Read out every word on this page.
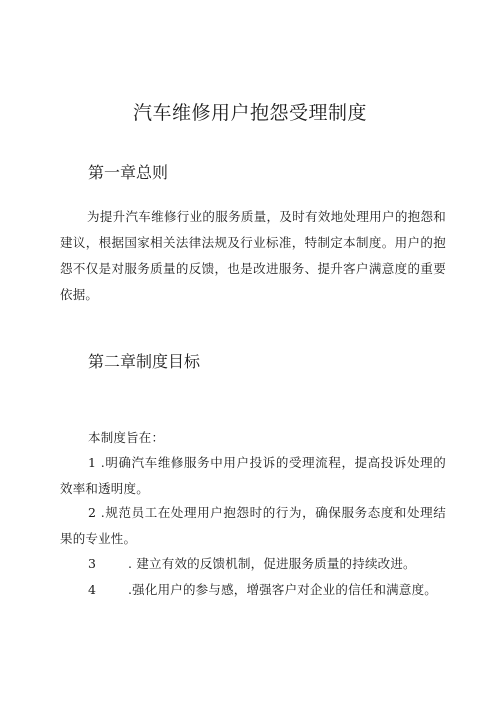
汽车维修用户抱怨受理制度
第一章总则

为提升汽车维修行业的服务质量，及时有效地处理用户的抱怨和建议，根据国家相关法律法规及行业标准，特制定本制度。用户的抱怨不仅是对服务质量的反馈，也是改进服务、提升客户满意度的重要依据。

第二章制度目标

本制度旨在：

1 .明确汽车维修服务中用户投诉的受理流程，提高投诉处理的效率和透明度。

2 .规范员工在处理用户抱怨时的行为，确保服务态度和处理结果的专业性。

3	. 建立有效的反馈机制，促进服务质量的持续改进。

4	.强化用户的参与感，增强客户对企业的信任和满意度。
